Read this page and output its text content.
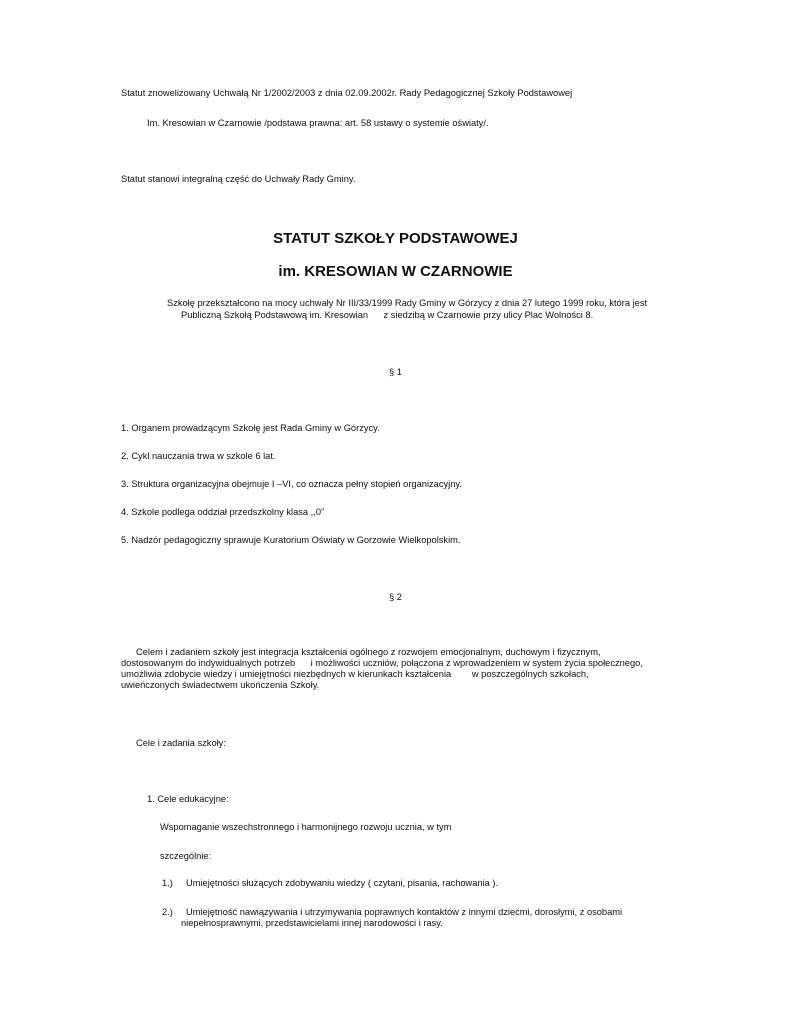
Statut znowelizowany Uchwałą Nr 1/2002/2003 z dnia 02.09.2002r. Rady Pedagogicznej Szkoły Podstawowej
Im. Kresowian w Czarnowie /podstawa prawna: art. 58 ustawy o systemie oświaty/.
Statut stanowi integralną część do Uchwały Rady Gminy.
STATUT SZKOŁY PODSTAWOWEJ
im. KRESOWIAN W CZARNOWIE
Szkołę przekształcono na mocy uchwały Nr III/33/1999 Rady Gminy w Górzycy z dnia 27 lutego 1999 roku, która jest
Publiczną Szkołą Podstawową im. Kresowian      z siedzibą w Czarnowie przy ulicy Plac Wolności 8.
§ 1
1. Organem prowadzącym Szkołę jest Rada Gminy w Górzycy.
2. Cykl nauczania trwa w szkole 6 lat.
3. Struktura organizacyjna obejmuje I –VI, co oznacza pełny stopień organizacyjny.
4. Szkole podlega oddział przedszkolny klasa ,,0”
5. Nadzór pedagogiczny sprawuje Kuratorium Oświaty w Gorzowie Wielkopolskim.
§ 2
Celem i zadaniem szkoły jest integracja kształcenia ogólnego z rozwojem emocjonalnym, duchowym i fizycznym,
dostosowanym do indywidualnych potrzeb      i możliwości uczniów, połączona z wprowadzeniem w system życia społecznego,
umożliwia zdobycie wiedzy i umiejętności niezbędnych w kierunkach kształcenia        w poszczególnych szkołach,
uwieńczonych świadectwem ukończenia Szkoły.
Cele i zadania szkoły:
1. Cele edukacyjne:
Wspomaganie wszechstronnego i harmonijnego rozwoju ucznia, w tym
szczególnie:
1.) Umiejętności służących zdobywaniu wiedzy ( czytani, pisania, rachowania ).
2.) Umiejętność nawiązywania i utrzymywania poprawnych kontaktów z innymi dziećmi, dorosłymi, z osobami
niepełnosprawnymi, przedstawicielami innej narodowości i rasy.
